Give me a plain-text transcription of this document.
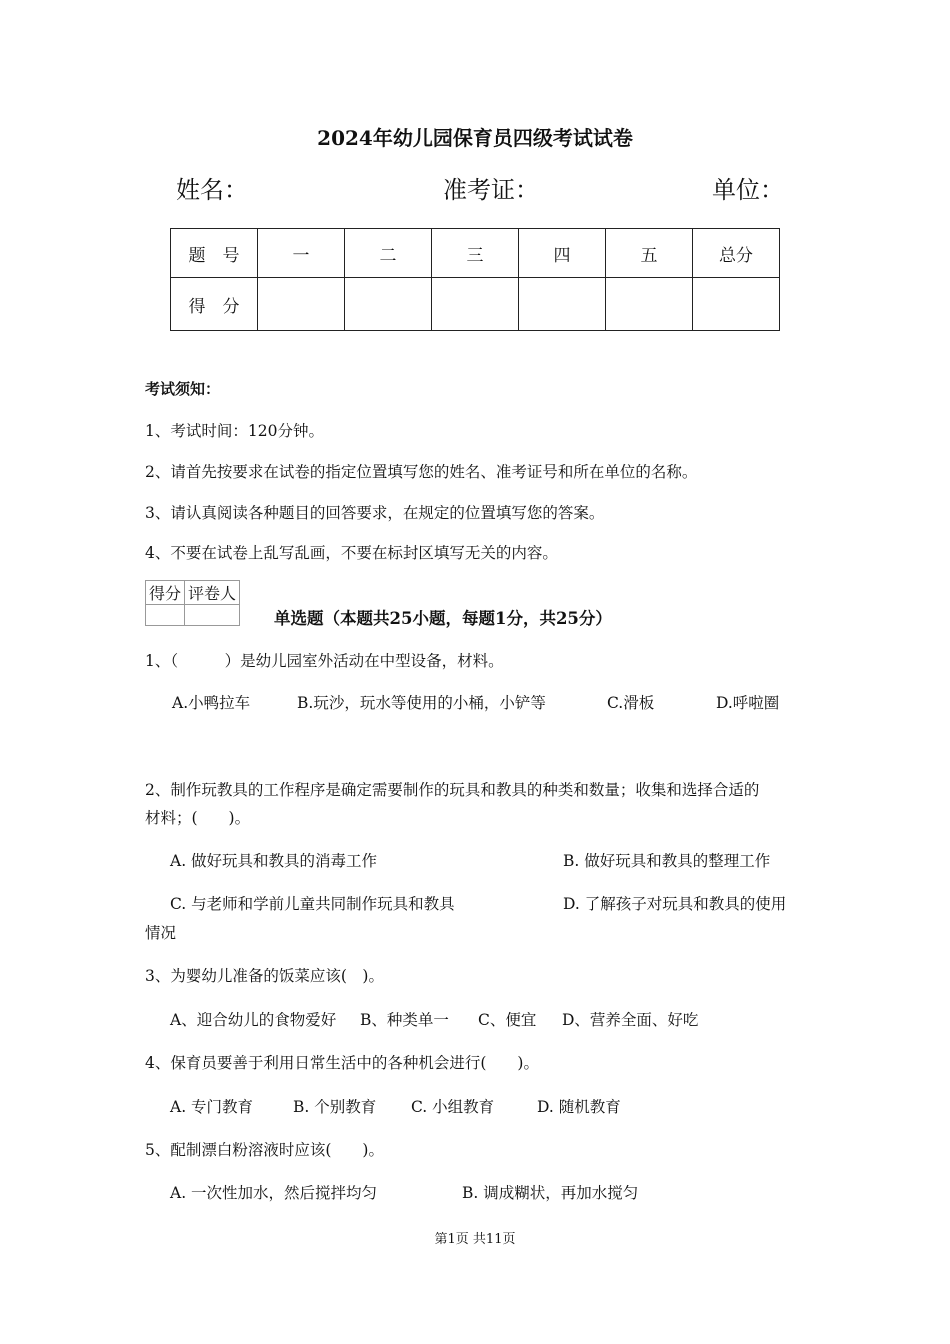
2024年幼儿园保育员四级考试试卷
姓名：	准考证：	单位：
题　号	一	二	三	四	五	总分
得　分						
考试须知：
1、考试时间：120分钟。
2、请首先按要求在试卷的指定位置填写您的姓名、准考证号和所在单位的名称。
3、请认真阅读各种题目的回答要求，在规定的位置填写您的答案。
4、不要在试卷上乱写乱画，不要在标封区填写无关的内容。
得分	评卷人

单选题（本题共25小题，每题1分，共25分）
1、（　　　）是幼儿园室外活动在中型设备，材料。
A.小鸭拉车	B.玩沙，玩水等使用的小桶，小铲等	C.滑板	D.呼啦圈
2、制作玩教具的工作程序是确定需要制作的玩具和教具的种类和数量；收集和选择合适的
材料；(　　)。
A. 做好玩具和教具的消毒工作	B. 做好玩具和教具的整理工作
C. 与老师和学前儿童共同制作玩具和教具	D. 了解孩子对玩具和教具的使用
情况
3、为婴幼儿准备的饭菜应该(　)。
A、迎合幼儿的食物爱好 B、种类单一 C、便宜 D、营养全面、好吃
4、保育员要善于利用日常生活中的各种机会进行(　　)。
A. 专门教育	B. 个别教育 C. 小组教育	D. 随机教育
5、配制漂白粉溶液时应该(　　)。
A. 一次性加水，然后搅拌均匀	B. 调成糊状，再加水搅匀
第1页 共11页
